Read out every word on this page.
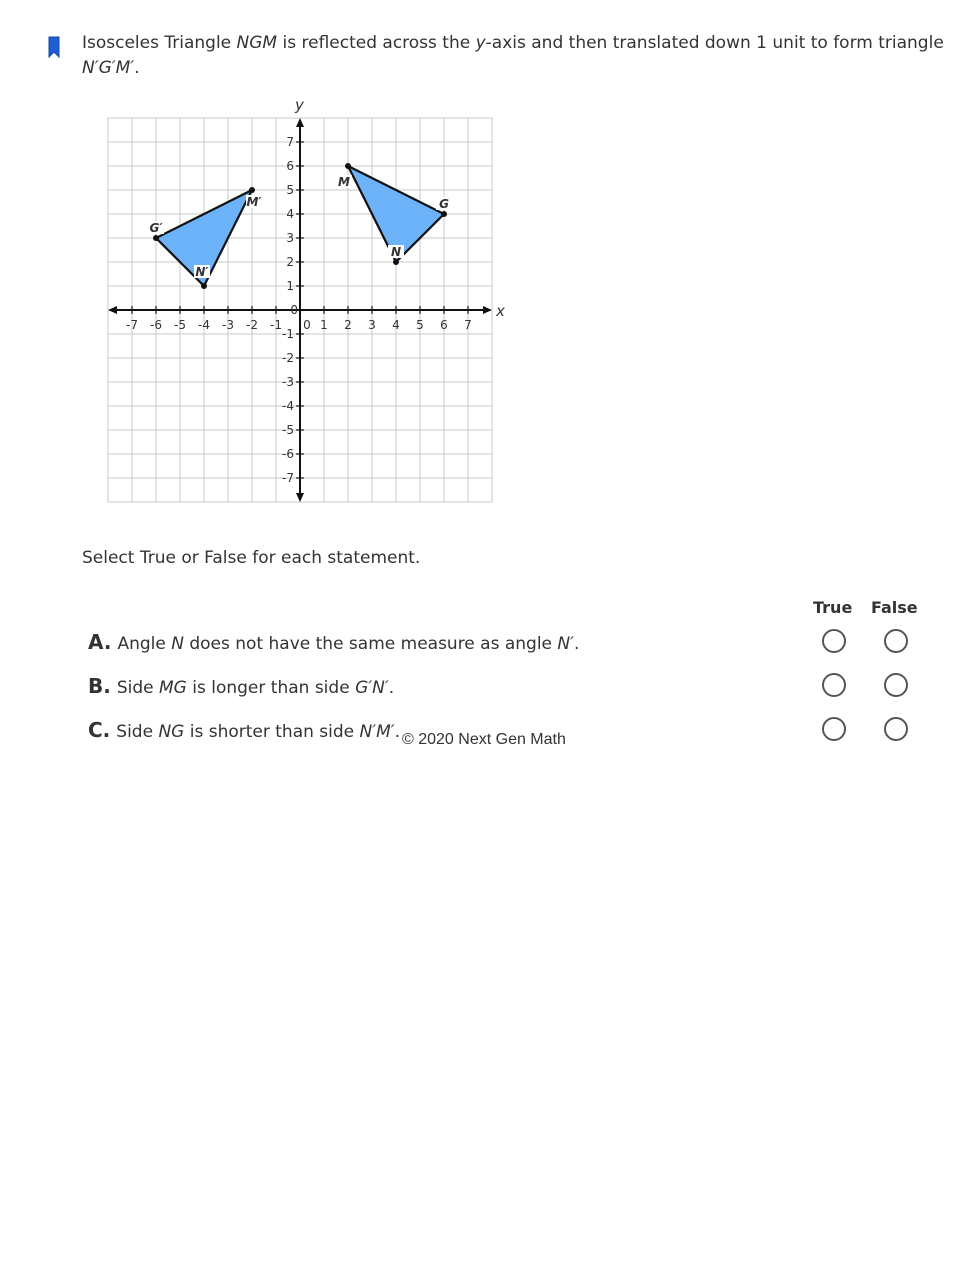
Isosceles Triangle NGM is reflected across the y-axis and then translated down 1 unit to form triangle N′G′M′.
x
y
-7 -6 -5 -4 -3 -2 -1 0 1 2 3 4 5 6 7
7
6
5
4
3
2
1
0
-1
-2
-3
-4
-5
-6
-7
M
G
N
M′
G′
N′
Select True or False for each statement.
True False
A. Angle N does not have the same measure as angle N′.
B. Side MG is longer than side G′N′.
C. Side NG is shorter than side N′M′. © 2020 Next Gen Math
